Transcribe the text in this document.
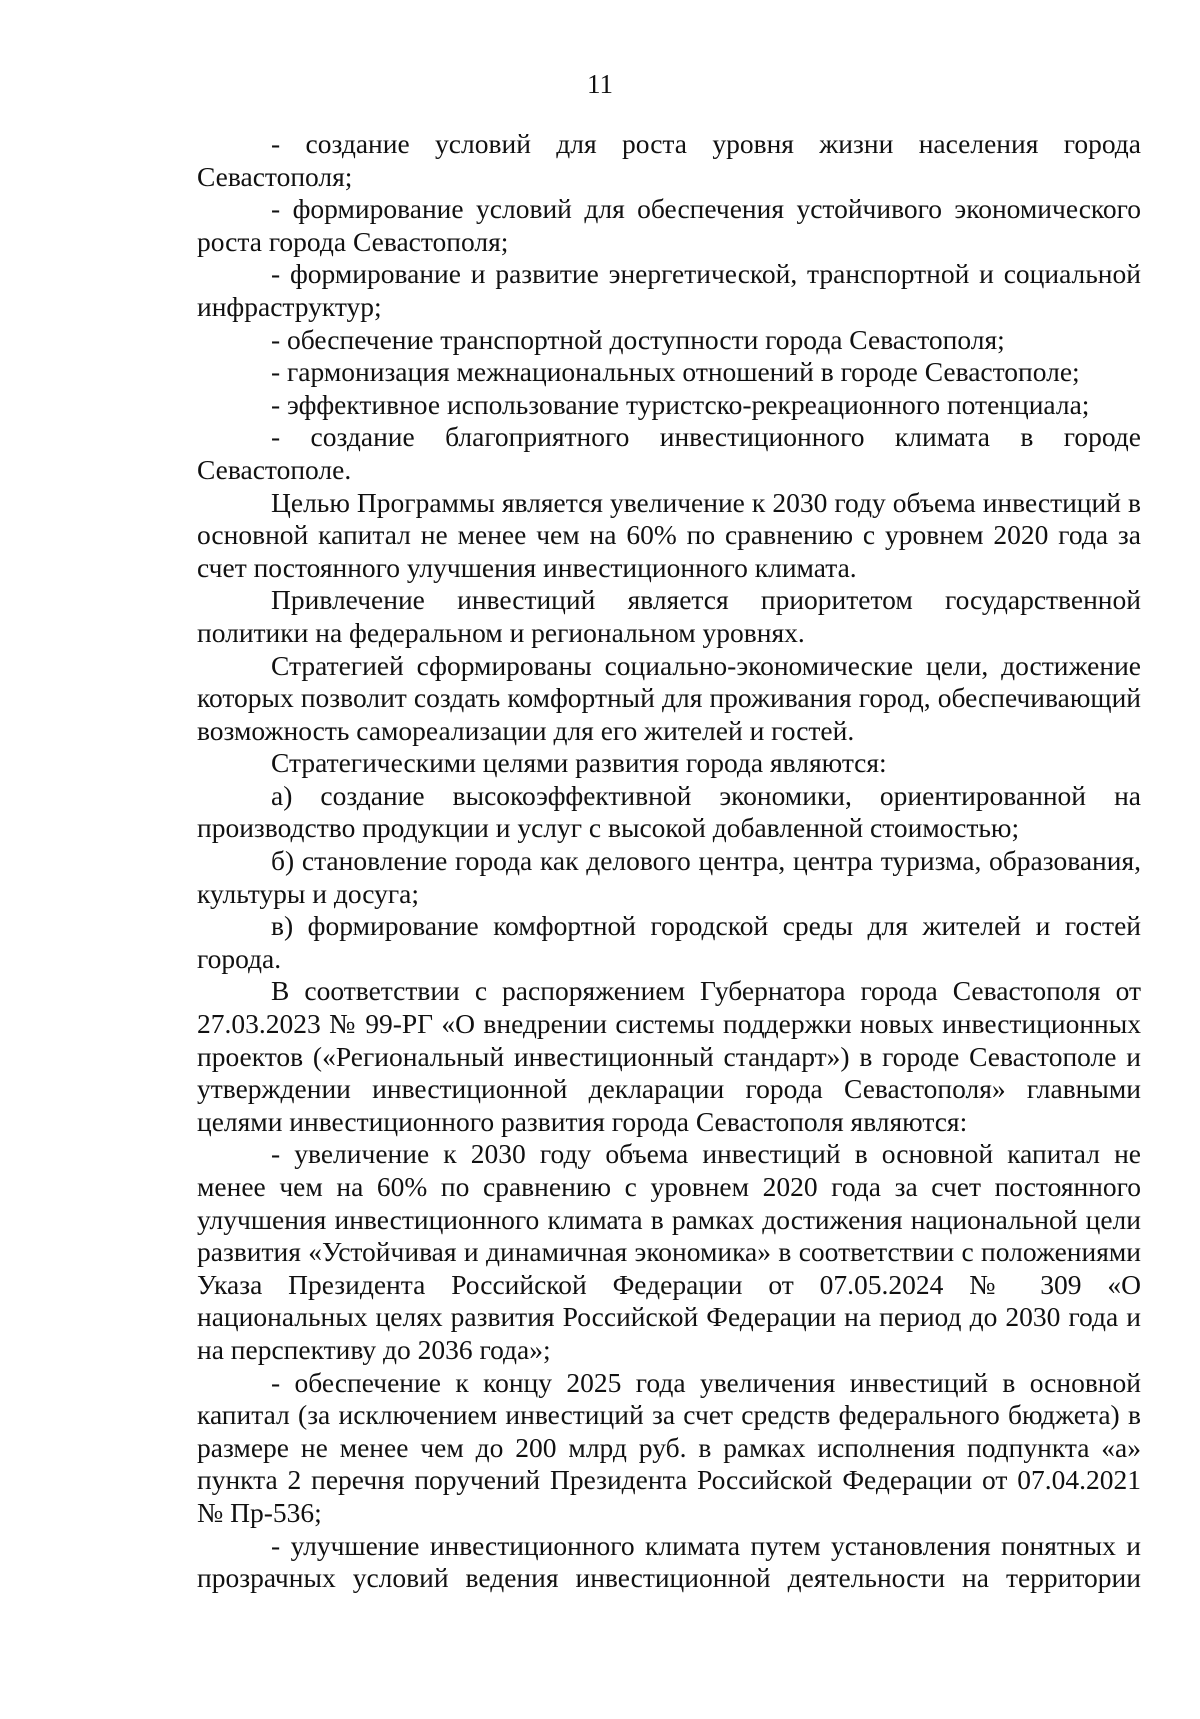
11

- создание условий для роста уровня жизни населения города Севастополя;

- формирование условий для обеспечения устойчивого экономического роста города Севастополя;

- формирование и развитие энергетической, транспортной и социальной инфраструктур;

- обеспечение транспортной доступности города Севастополя;

- гармонизация межнациональных отношений в городе Севастополе;

- эффективное использование туристско-рекреационного потенциала;

- создание благоприятного инвестиционного климата в городе Севастополе.

Целью Программы является увеличение к 2030 году объема инвестиций в основной капитал не менее чем на 60% по сравнению с уровнем 2020 года за счет постоянного улучшения инвестиционного климата.

Привлечение инвестиций является приоритетом государственной политики на федеральном и региональном уровнях.

Стратегией сформированы социально-экономические цели, достижение которых позволит создать комфортный для проживания город, обеспечивающий возможность самореализации для его жителей и гостей.

Стратегическими целями развития города являются:

а) создание высокоэффективной экономики, ориентированной на производство продукции и услуг с высокой добавленной стоимостью;

б) становление города как делового центра, центра туризма, образования, культуры и досуга;

в) формирование комфортной городской среды для жителей и гостей города.

В соответствии с распоряжением Губернатора города Севастополя от 27.03.2023 № 99-РГ «О внедрении системы поддержки новых инвестиционных проектов («Региональный инвестиционный стандарт») в городе Севастополе и утверждении инвестиционной декларации города Севастополя» главными целями инвестиционного развития города Севастополя являются:

- увеличение к 2030 году объема инвестиций в основной капитал не менее чем на 60% по сравнению с уровнем 2020 года за счет постоянного улучшения инвестиционного климата в рамках достижения национальной цели развития «Устойчивая и динамичная экономика» в соответствии с положениями Указа Президента Российской Федерации от 07.05.2024 № 309 «О национальных целях развития Российской Федерации на период до 2030 года и на перспективу до 2036 года»;

- обеспечение к концу 2025 года увеличения инвестиций в основной капитал (за исключением инвестиций за счет средств федерального бюджета) в размере не менее чем до 200 млрд руб. в рамках исполнения подпункта «а» пункта 2 перечня поручений Президента Российской Федерации от 07.04.2021 № Пр-536;

- улучшение инвестиционного климата путем установления понятных и прозрачных условий ведения инвестиционной деятельности на территории
